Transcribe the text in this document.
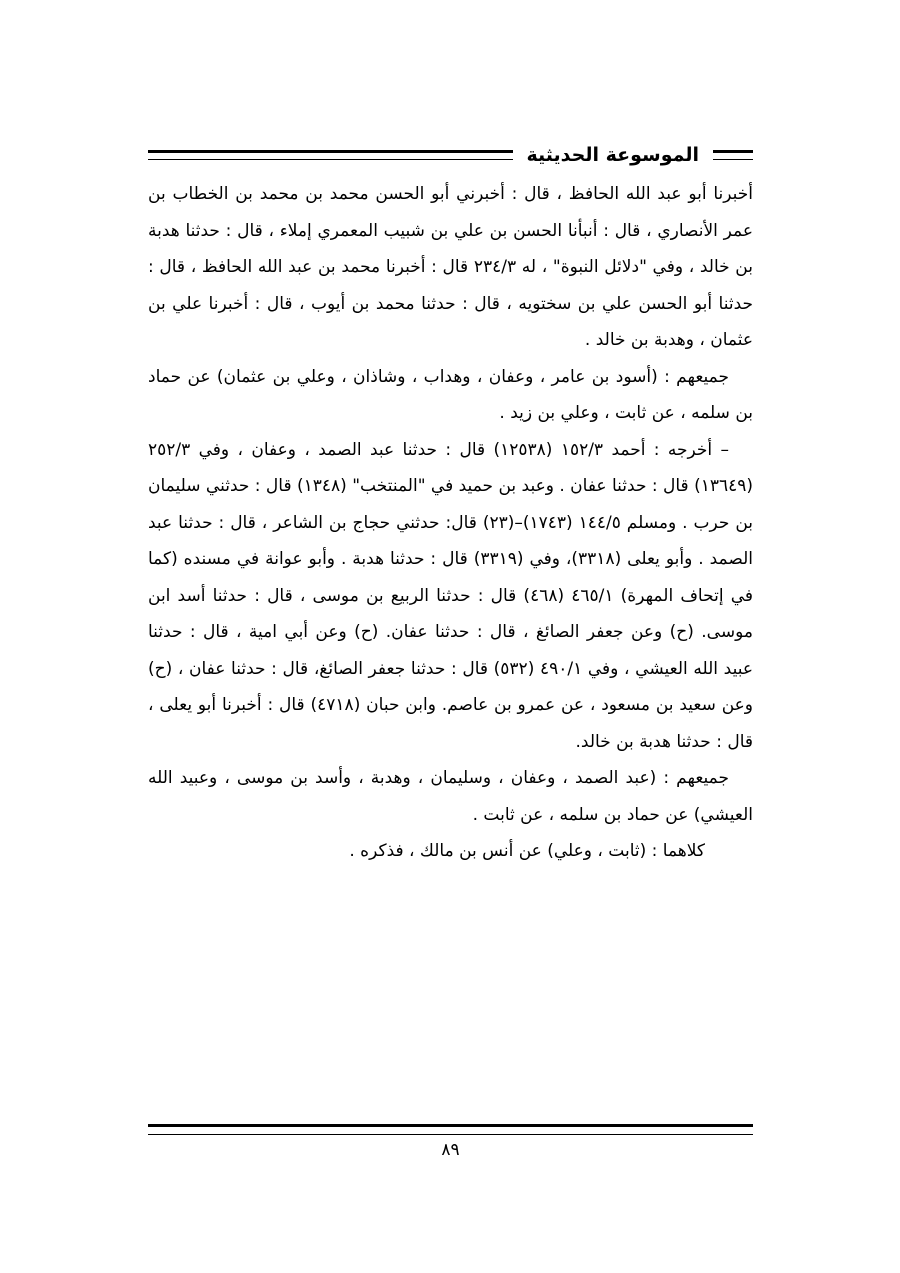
الموسوعة الحديثية

أخبرنا أبو عبد الله الحافظ ، قال : أخبرني أبو الحسن محمد بن محمد بن الخطاب بن عمر الأنصاري ، قال : أنبأنا الحسن بن علي بن شبيب المعمري إملاء ، قال : حدثنا هدبة بن خالد ، وفي "دلائل النبوة" ، له ٢٣٤/٣ قال : أخبرنا محمد بن عبد الله الحافظ ، قال : حدثنا أبو الحسن علي بن سختويه ، قال : حدثنا محمد بن أيوب ، قال : أخبرنا علي بن عثمان ، وهدبة بن خالد .

جميعهم : (أسود بن عامر ، وعفان ، وهداب ، وشاذان ، وعلي بن عثمان) عن حماد بن سلمه ، عن ثابت ، وعلي بن زيد .

– أخرجه : أحمد ١٥٢/٣ (١٢٥٣٨) قال : حدثنا عبد الصمد ، وعفان ، وفي ٢٥٢/٣ (١٣٦٤٩) قال : حدثنا عفان . وعبد بن حميد في "المنتخب" (١٣٤٨) قال : حدثني سليمان بن حرب . ومسلم ١٤٤/٥ (١٧٤٣)–(٢٣) قال: حدثني حجاج بن الشاعر ، قال : حدثنا عبد الصمد . وأبو يعلى (٣٣١٨)، وفي (٣٣١٩) قال : حدثنا هدبة . وأبو عوانة في مسنده (كما في إتحاف المهرة) ٤٦٥/١ (٤٦٨) قال : حدثنا الربيع بن موسى ، قال : حدثنا أسد ابن موسى. (ح) وعن جعفر الصائغ ، قال : حدثنا عفان. (ح) وعن أبي امية ، قال : حدثنا عبيد الله العيشي ، وفي ٤٩٠/١ (٥٣٢) قال : حدثنا جعفر الصائغ، قال : حدثنا عفان ، (ح) وعن سعيد بن مسعود ، عن عمرو بن عاصم. وابن حبان (٤٧١٨) قال : أخبرنا أبو يعلى ، قال : حدثنا هدبة بن خالد.

جميعهم : (عبد الصمد ، وعفان ، وسليمان ، وهدبة ، وأسد بن موسى ، وعبيد الله العيشي) عن حماد بن سلمه ، عن ثابت .

كلاهما : (ثابت ، وعلي) عن أنس بن مالك ، فذكره .

٨٩
